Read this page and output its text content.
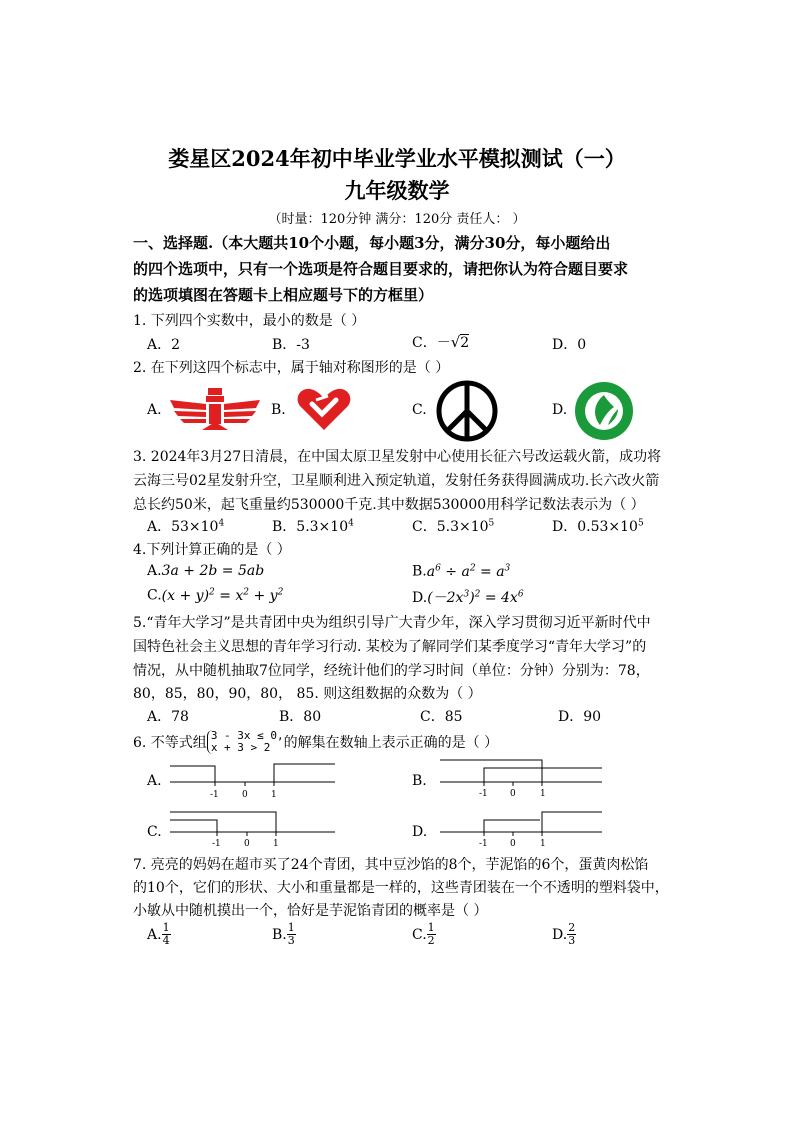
娄星区2024年初中毕业学业水平模拟测试（一）
九年级数学
（时量：120分钟 满分：120分 责任人： ）
一、选择题.（本大题共10个小题，每小题3分，满分30分，每小题给出
的四个选项中，只有一个选项是符合题目要求的，请把你认为符合题目要求
的选项填图在答题卡上相应题号下的方框里）
1. 下列四个实数中，最小的数是（ ）
A．2	B．-3	C．－√2	D．0
2. 在下列这四个标志中，属于轴对称图形的是（ ）
A.	B.	C.	D.
3. 2024年3月27日清晨，在中国太原卫星发射中心使用长征六号改运载火箭，成功将
云海三号02星发射升空，卫星顺利进入预定轨道，发射任务获得圆满成功.长六改火箭
总长约50米，起飞重量约530000千克.其中数据530000用科学记数法表示为（ ）
A．$53\times 10^4$	B．$5.3\times 10^4$	C．$5.3\times 10^5$	D．$0.53\times 10^5$
4.下列计算正确的是（ ）
A.3a + 2b = 5ab	$B.a^6 \div a^2 = a^3$
$C.(x + y)^2 = x^2 + y^2$	$D.(-2x^3)^2 = 4x^6$
5.“青年大学习”是共青团中央为组织引导广大青少年，深入学习贯彻习近平新时代中
国特色社会主义思想的青年学习行动. 某校为了解同学们某季度学习“青年大学习”的
情况，从中随机抽取7位同学，经统计他们的学习时间（单位：分钟）分别为：78，
80，85，80，90，80， 85. 则这组数据的众数为（ ）
A．78	B．80	C．85	D．90
6. 不等式组 3 - 3x ≤ 0,
x + 3 > 2 的解集在数轴上表示正确的是（ ）
A.
-1	0	1
B.
-1 0	1
C.
-1	0	1
D.
-1 0	1
7. 亮亮的妈妈在超市买了24个青团，其中豆沙馅的8个，芋泥馅的6个，蛋黄肉松馅
的10个，它们的形状、大小和重量都是一样的，这些青团装在一个不透明的塑料袋中，
小敏从中随机摸出一个，恰好是芋泥馅青团的概率是（ ）
A. $\frac{1}{4}$	B. $\frac{1}{3}$	C. $\frac{1}{2}$	D. $\frac{2}{3}$
